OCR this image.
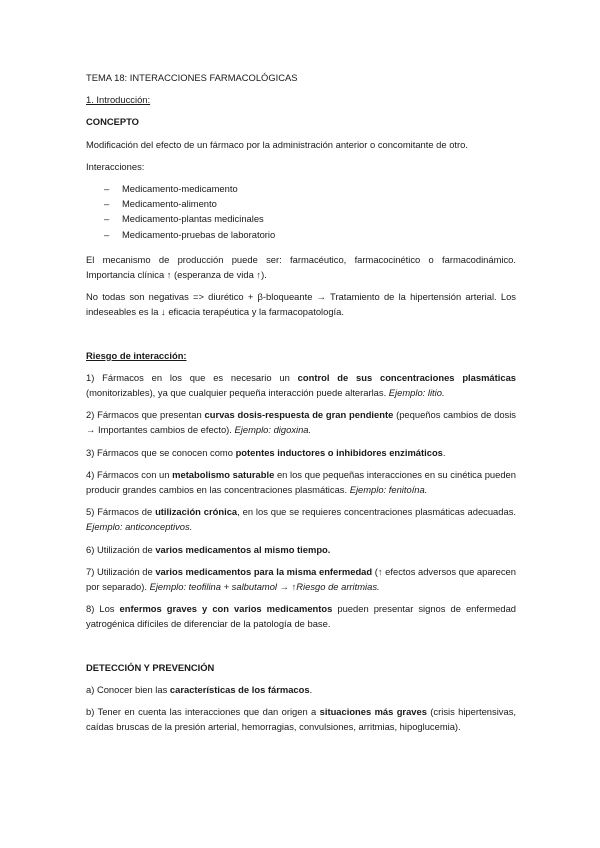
TEMA 18: INTERACCIONES FARMACOLÓGICAS

1. Introducción:

CONCEPTO

Modificación del efecto de un fármaco por la administración anterior o concomitante de otro.

Interacciones:

– Medicamento-medicamento
– Medicamento-alimento
– Medicamento-plantas medicinales
– Medicamento-pruebas de laboratorio

El mecanismo de producción puede ser: farmacéutico, farmacocinético o farmacodinámico. Importancia clínica ↑ (esperanza de vida ↑).

No todas son negativas => diurético + β-bloqueante → Tratamiento de la hipertensión arterial. Los indeseables es la ↓ eficacia terapéutica y la farmacopatología.

Riesgo de interacción:

1) Fármacos en los que es necesario un control de sus concentraciones plasmáticas (monitorizables), ya que cualquier pequeña interacción puede alterarlas. Ejemplo: litio.

2) Fármacos que presentan curvas dosis-respuesta de gran pendiente (pequeños cambios de dosis → Importantes cambios de efecto). Ejemplo: digoxina.

3) Fármacos que se conocen como potentes inductores o inhibidores enzimáticos.

4) Fármacos con un metabolismo saturable en los que pequeñas interacciones en su cinética pueden producir grandes cambios en las concentraciones plasmáticas. Ejemplo: fenitoína.

5) Fármacos de utilización crónica, en los que se requieres concentraciones plasmáticas adecuadas. Ejemplo: anticonceptivos.

6) Utilización de varios medicamentos al mismo tiempo.

7) Utilización de varios medicamentos para la misma enfermedad (↑ efectos adversos que aparecen por separado). Ejemplo: teofilina + salbutamol → ↑Riesgo de arritmias.

8) Los enfermos graves y con varios medicamentos pueden presentar signos de enfermedad yatrogénica difíciles de diferenciar de la patología de base.

DETECCIÓN Y PREVENCIÓN

a) Conocer bien las características de los fármacos.

b) Tener en cuenta las interacciones que dan origen a situaciones más graves (crisis hipertensivas, caídas bruscas de la presión arterial, hemorragias, convulsiones, arritmias, hipoglucemia).
